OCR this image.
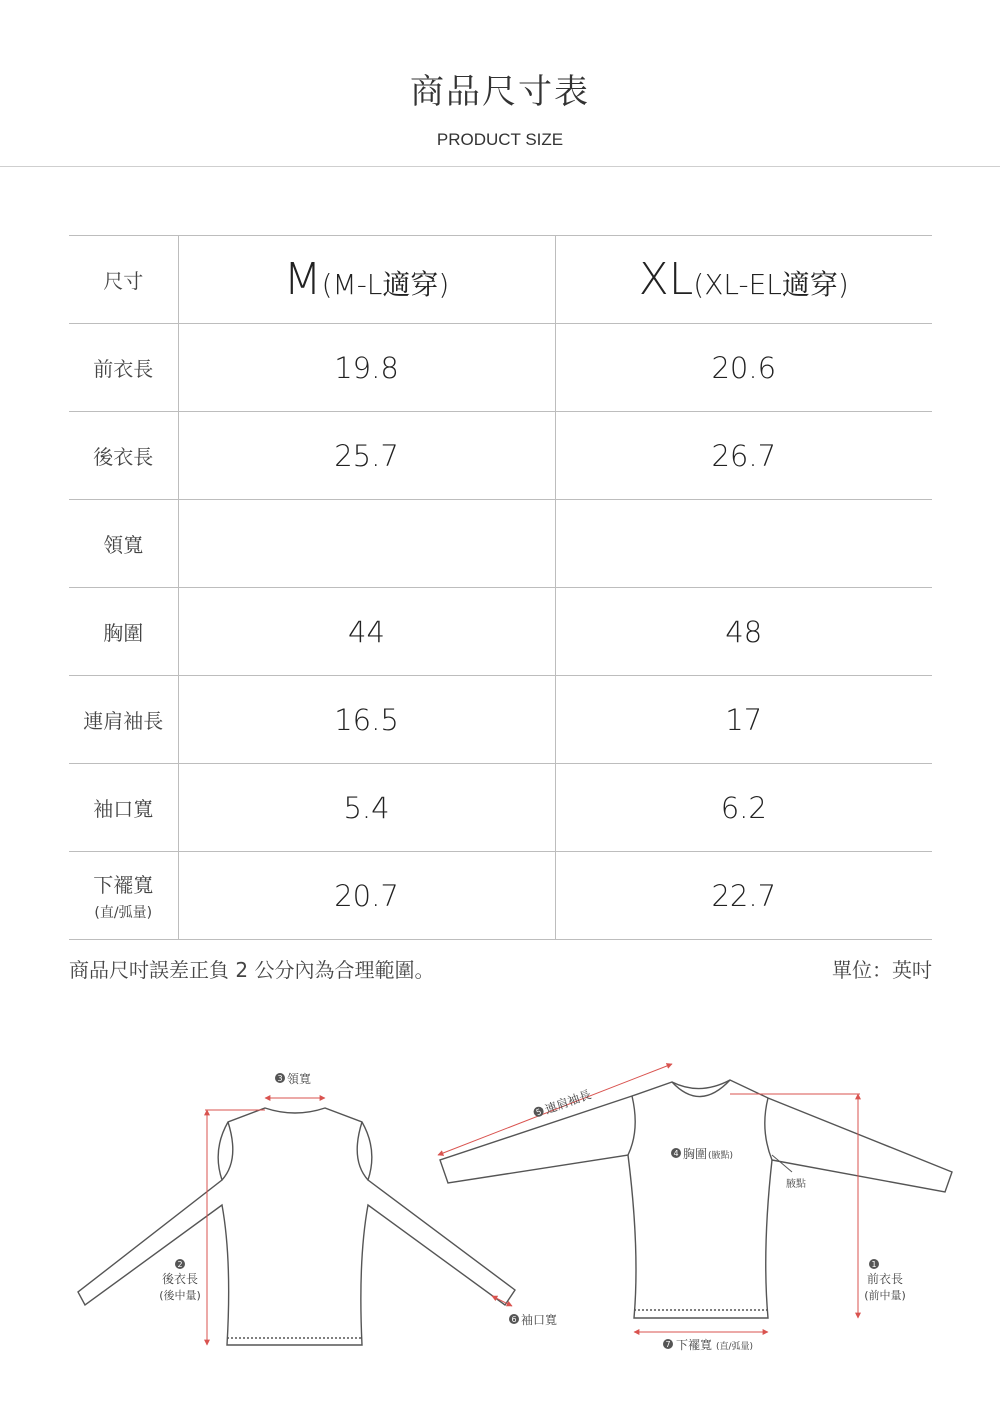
商品尺寸表
PRODUCT SIZE
尺寸	M(M-L適穿)	XL(XL-EL適穿)
前衣長	19.8	20.6
後衣長	25.7	26.7
領寬		
胸圍	44	48
連肩袖長	16.5	17
袖口寬	5.4	6.2
下襬寬
(直/弧量)	20.7	22.7
商品尺吋誤差正負 2 公分內為合理範圍。	單位：英吋
3 領寬
2
後衣長
(後中量)
5 連肩袖長
6 袖口寬
4 胸圍 (腋點)
腋點
1
前衣長
(前中量)
7 下襬寬 (直/弧量)
